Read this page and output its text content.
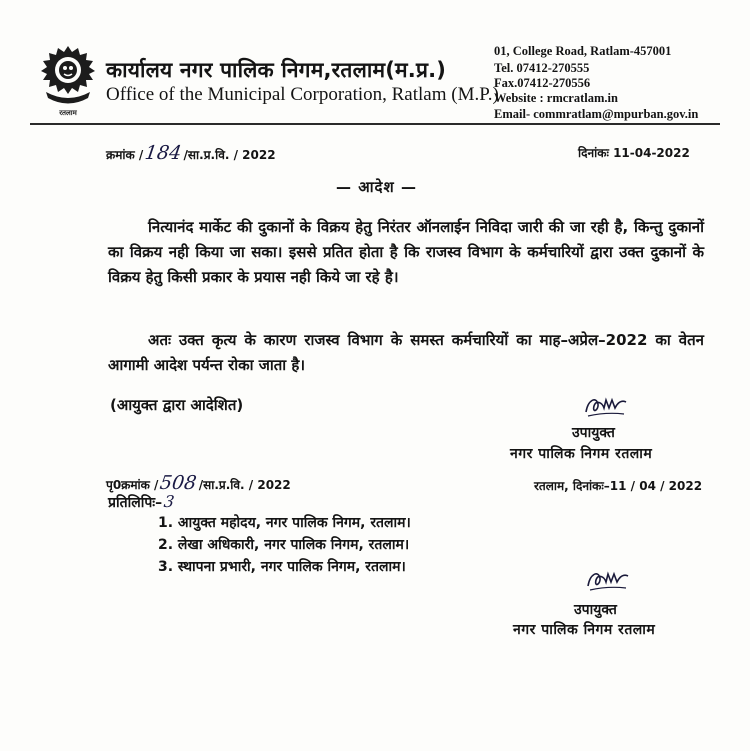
रतलाम
कार्यालय नगर पालिक निगम,रतलाम(म.प्र.)
Office of the Municipal Corporation, Ratlam (M.P.)
01, College Road, Ratlam-457001
Tel. 07412-270555
Fax.07412-270556
Website : rmcratlam.in
Email- commratlam@mpurban.gov.in
क्रमांक /184/सा.प्र.वि. / 2022	दिनांकः 11-04-2022
— आदेश —
नित्यानंद मार्केट की दुकानों के विक्रय हेतु निरंतर ऑनलाईन निविदा जारी की जा रही है, किन्तु दुकानों का विक्रय नही किया जा सका। इससे प्रतित होता है कि राजस्व विभाग के कर्मचारियों द्वारा उक्त दुकानों के विक्रय हेतु किसी प्रकार के प्रयास नही किये जा रहे है।
अतः उक्त कृत्य के कारण राजस्व विभाग के समस्त कर्मचारियों का माह–अप्रेल–2022 का वेतन आगामी आदेश पर्यन्त रोका जाता है।
(आयुक्त द्वारा आदेशित)
उपायुक्त
नगर पालिक निगम रतलाम
पृ0क्रमांक /508/सा.प्र.वि. / 2022	रतलाम, दिनांकः–11 / 04 / 2022
प्रतिलिपिः–3
1. आयुक्त महोदय, नगर पालिक निगम, रतलाम।
2. लेखा अधिकारी, नगर पालिक निगम, रतलाम।
3. स्थापना प्रभारी, नगर पालिक निगम, रतलाम।
उपायुक्त
नगर पालिक निगम रतलाम
